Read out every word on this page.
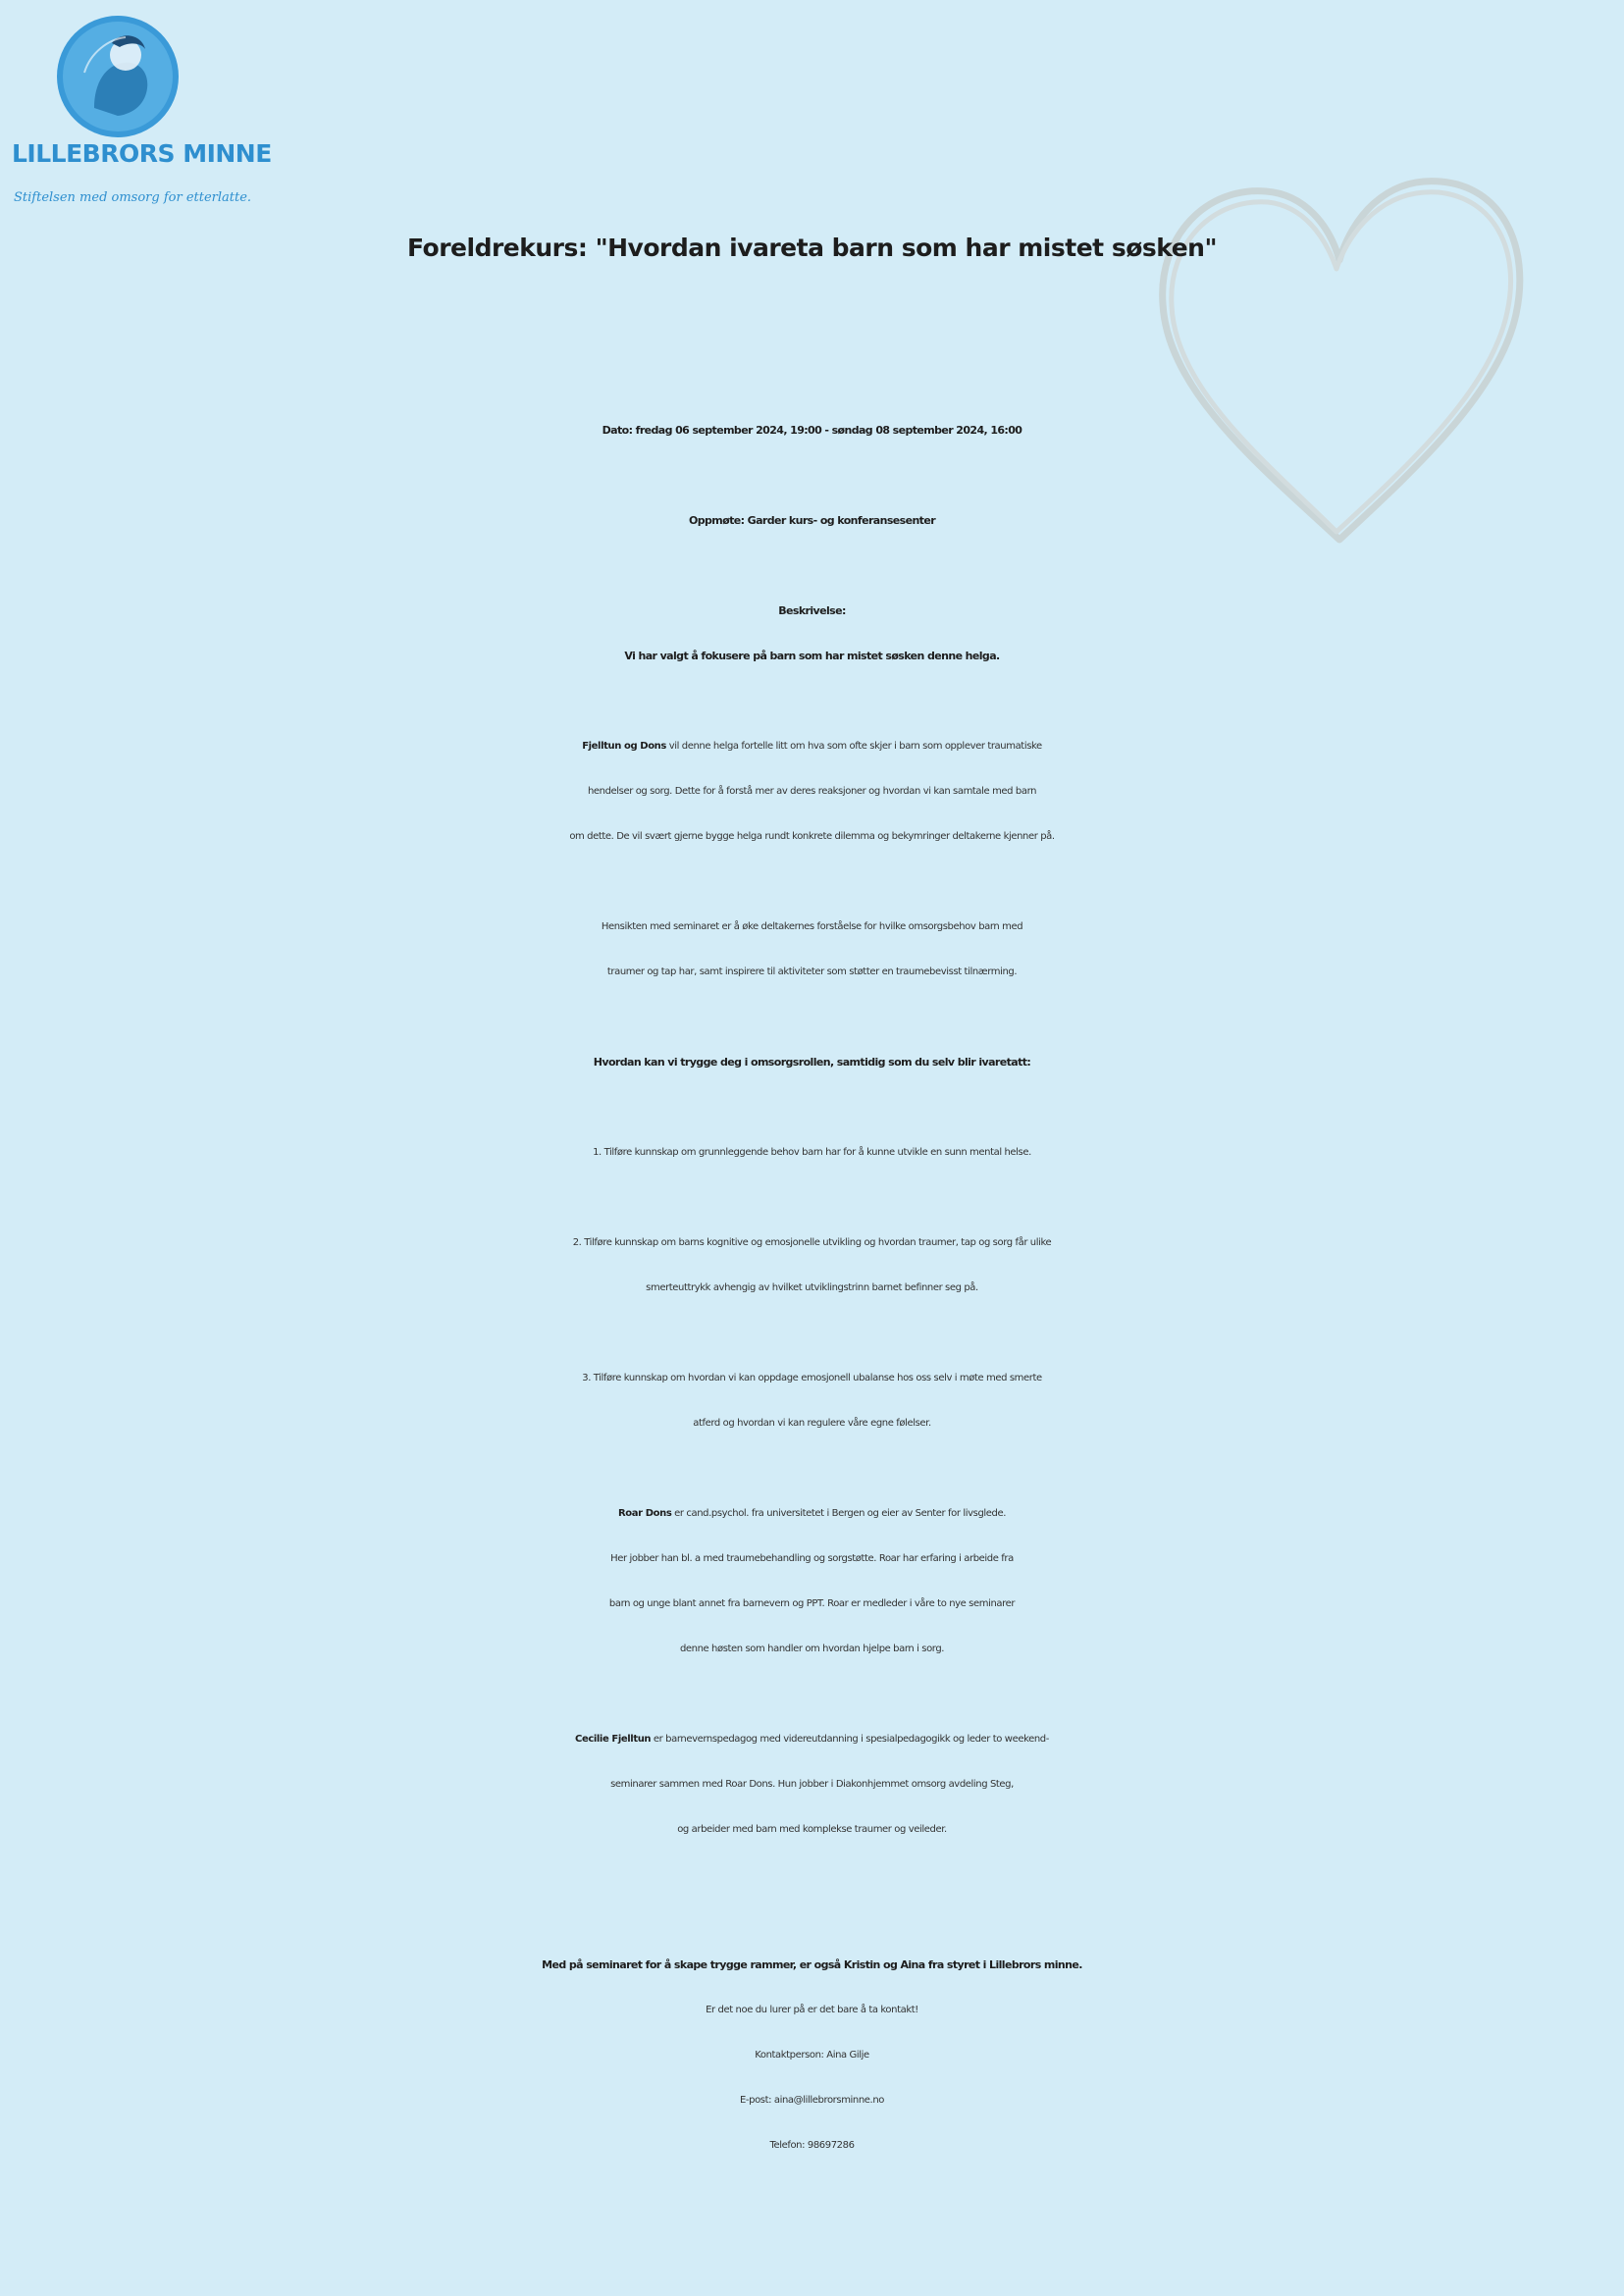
LILLEBRORS MINNE
Stiftelsen med omsorg for etterlatte.
Foreldrekurs: "Hvordan ivareta barn som har mistet søsken"
Dato: fredag 06 september 2024, 19:00 - søndag 08 september 2024, 16:00
Oppmøte: Garder kurs- og konferansesenter
Beskrivelse:
Vi har valgt å fokusere på barn som har mistet søsken denne helga.
Fjelltun og Dons vil denne helga fortelle litt om hva som ofte skjer i barn som opplever traumatiske
hendelser og sorg. Dette for å forstå mer av deres reaksjoner og hvordan vi kan samtale med barn
om dette. De vil svært gjerne bygge helga rundt konkrete dilemma og bekymringer deltakerne kjenner på.
Hensikten med seminaret er å øke deltakernes forståelse for hvilke omsorgsbehov barn med
traumer og tap har, samt inspirere til aktiviteter som støtter en traumebevisst tilnærming.
Hvordan kan vi trygge deg i omsorgsrollen, samtidig som du selv blir ivaretatt:
1. Tilføre kunnskap om grunnleggende behov barn har for å kunne utvikle en sunn mental helse.
2. Tilføre kunnskap om barns kognitive og emosjonelle utvikling og hvordan traumer, tap og sorg får ulike
smerteuttrykk avhengig av hvilket utviklingstrinn barnet befinner seg på.
3. Tilføre kunnskap om hvordan vi kan oppdage emosjonell ubalanse hos oss selv i møte med smerte
atferd og hvordan vi kan regulere våre egne følelser.
Roar Dons er cand.psychol. fra universitetet i Bergen og eier av Senter for livsglede.
Her jobber han bl. a med traumebehandling og sorgstøtte. Roar har erfaring i arbeide fra
barn og unge blant annet fra barnevern og PPT. Roar er medleder i våre to nye seminarer
denne høsten som handler om hvordan hjelpe barn i sorg.
Cecilie Fjelltun er barnevernspedagog med videreutdanning i spesialpedagogikk og leder to weekend-
seminarer sammen med Roar Dons. Hun jobber i Diakonhjemmet omsorg avdeling Steg,
og arbeider med barn med komplekse traumer og veileder.
Med på seminaret for å skape trygge rammer, er også Kristin og Aina fra styret i Lillebrors minne.
Er det noe du lurer på er det bare å ta kontakt!
Kontaktperson: Aina Gilje
E-post: aina@lillebrorsminne.no
Telefon: 98697286
